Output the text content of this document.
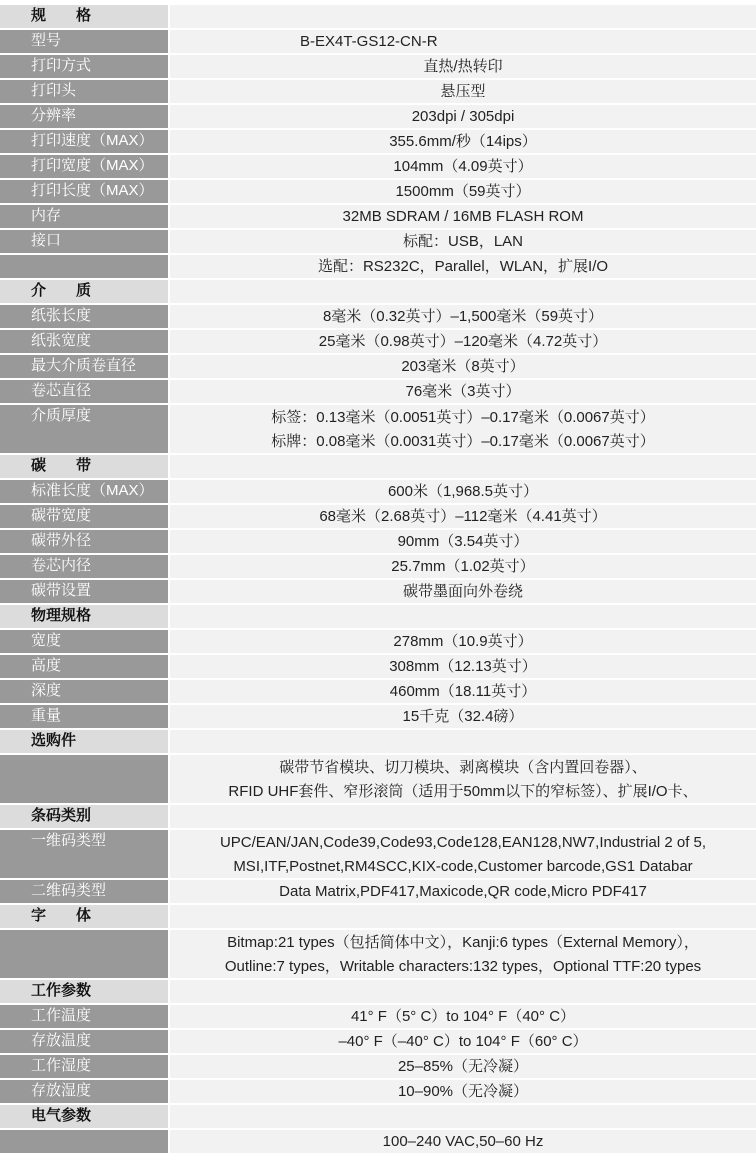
规　　格
型号	B-EX4T-GS12-CN-R
打印方式	直热/热转印
打印头	悬压型
分辨率	203dpi / 305dpi
打印速度（MAX）	355.6mm/秒（14ips）
打印宽度（MAX）	104mm（4.09英寸）
打印长度（MAX）	1500mm（59英寸）
内存	32MB SDRAM / 16MB FLASH ROM
接口	标配：USB，LAN
选配：RS232C，Parallel，WLAN，扩展I/O
介　　质
纸张长度	8毫米（0.32英寸）–1,500毫米（59英寸）
纸张宽度	25毫米（0.98英寸）–120毫米（4.72英寸）
最大介质卷直径	203毫米（8英寸）
卷芯直径	76毫米（3英寸）
介质厚度	标签：0.13毫米（0.0051英寸）–0.17毫米（0.0067英寸）
标牌：0.08毫米（0.0031英寸）–0.17毫米（0.0067英寸）
碳　　带
标准长度（MAX）	600米（1,968.5英寸）
碳带宽度	68毫米（2.68英寸）–112毫米（4.41英寸）
碳带外径	90mm（3.54英寸）
卷芯内径	25.7mm（1.02英寸）
碳带设置	碳带墨面向外卷绕
物理规格
宽度	278mm（10.9英寸）
高度	308mm（12.13英寸）
深度	460mm（18.11英寸）
重量	15千克（32.4磅）
选购件
碳带节省模块、切刀模块、剥离模块（含内置回卷器）、
RFID UHF套件、窄形滚筒（适用于50mm以下的窄标签）、扩展I/O卡、
条码类别
一维码类型	UPC/EAN/JAN,Code39,Code93,Code128,EAN128,NW7,Industrial 2 of 5,
MSI,ITF,Postnet,RM4SCC,KIX-code,Customer barcode,GS1 Databar
二维码类型	Data Matrix,PDF417,Maxicode,QR code,Micro PDF417
字　　体
Bitmap:21 types（包括简体中文），Kanji:6 types（External Memory），
Outline:7 types，Writable characters:132 types，Optional TTF:20 types
工作参数
工作温度	41° F（5° C）to 104° F（40° C）
存放温度	–40° F（–40° C）to 104° F（60° C）
工作湿度	25–85%（无冷凝）
存放湿度	10–90%（无冷凝）
电气参数
100–240 VAC,50–60 Hz
